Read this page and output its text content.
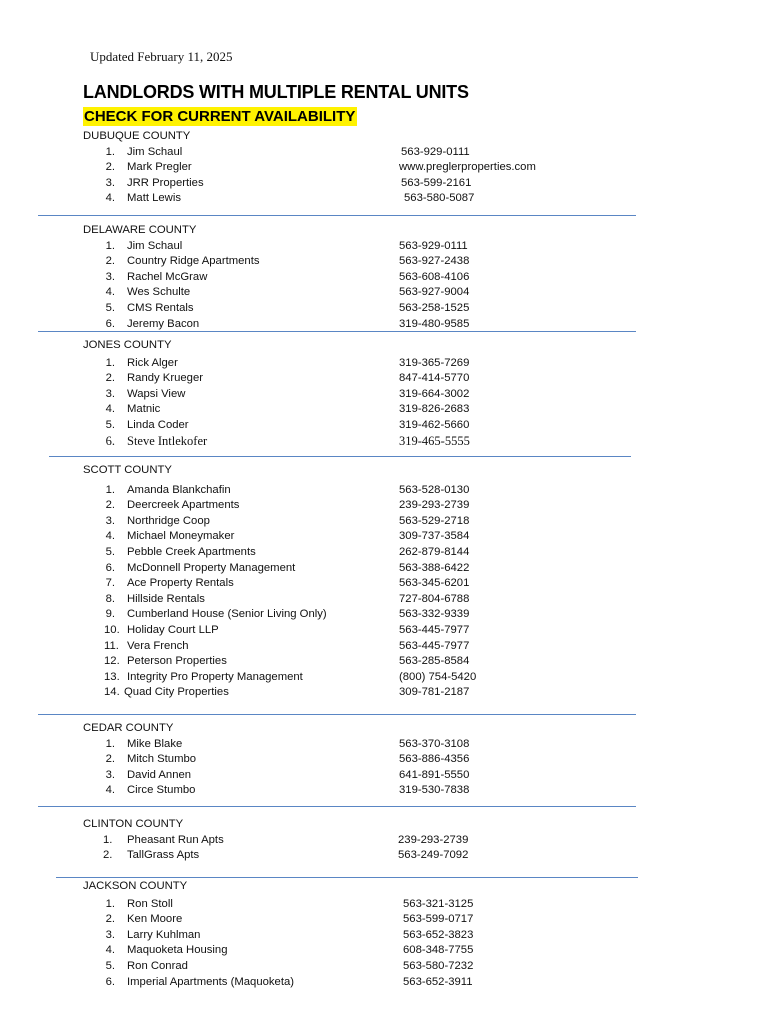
Updated February 11, 2025
LANDLORDS WITH MULTIPLE RENTAL UNITS
CHECK FOR CURRENT AVAILABILITY
DUBUQUE COUNTY
1. Jim Schaul	563-929-0111
2. Mark Pregler	www.preglerproperties.com
3. JRR Properties	563-599-2161
4. Matt Lewis	563-580-5087
DELAWARE COUNTY
1. Jim Schaul	563-929-0111
2. Country Ridge Apartments	563-927-2438
3. Rachel McGraw	563-608-4106
4. Wes Schulte	563-927-9004
5. CMS Rentals	563-258-1525
6. Jeremy Bacon	319-480-9585
JONES COUNTY
1. Rick Alger	319-365-7269
2. Randy Krueger	847-414-5770
3. Wapsi View	319-664-3002
4. Matnic	319-826-2683
5. Linda Coder	319-462-5660
6. Steve Intlekofer	319-465-5555
SCOTT COUNTY
1. Amanda Blankchafin	563-528-0130
2. Deercreek Apartments	239-293-2739
3. Northridge Coop	563-529-2718
4. Michael Moneymaker	309-737-3584
5. Pebble Creek Apartments	262-879-8144
6. McDonnell Property Management	563-388-6422
7. Ace Property Rentals	563-345-6201
8. Hillside Rentals	727-804-6788
9. Cumberland House (Senior Living Only)	563-332-9339
10. Holiday Court LLP	563-445-7977
11. Vera French	563-445-7977
12. Peterson Properties	563-285-8584
13. Integrity Pro Property Management	(800) 754-5420
14. Quad City Properties	309-781-2187
CEDAR COUNTY
1. Mike Blake	563-370-3108
2. Mitch Stumbo	563-886-4356
3. David Annen	641-891-5550
4. Circe Stumbo	319-530-7838
CLINTON COUNTY
1. Pheasant Run Apts	239-293-2739
2. TallGrass Apts	563-249-7092
JACKSON COUNTY
1. Ron Stoll	563-321-3125
2. Ken Moore	563-599-0717
3. Larry Kuhlman	563-652-3823
4. Maquoketa Housing	608-348-7755
5. Ron Conrad	563-580-7232
6. Imperial Apartments (Maquoketa)	563-652-3911
